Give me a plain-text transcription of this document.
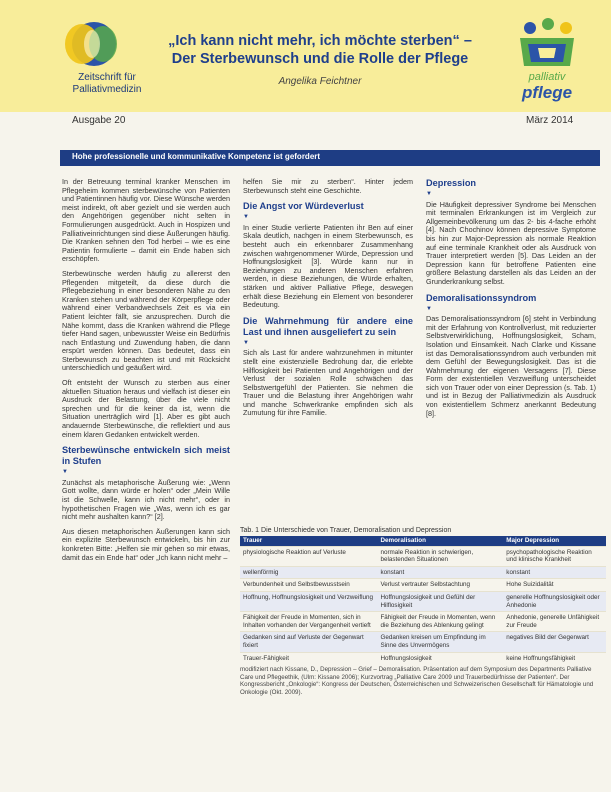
Zeitschrift für
Palliativmedizin
„Ich kann nicht mehr, ich möchte sterben“ –
Der Sterbewunsch und die Rolle der Pflege
Angelika Feichtner	palliativ
pflege
Ausgabe 20	März 2014
Hohe professionelle und kommunikative Kompetenz ist gefordert

In der Betreuung terminal kranker Menschen im Pflegeheim kommen sterbewünsche von Patienten und Patientinnen häufig vor. Diese Wünsche werden meist indirekt, oft aber gezielt und sie werden auch den Angehörigen gegenüber nicht selten in Formulierungen ausgedrückt. Auch in Hospizen und Palliativeinrichtungen sind diese Äußerungen häufig. Die Kranken sehnen den Tod herbei – wie es eine Patientin formulierte – damit ein Ende haben sich erschöpfen.

Sterbewünsche werden häufig zu allererst den Pflegenden mitgeteilt, da diese durch die Pflegebeziehung in einer besonderen Nähe zu den Kranken stehen und während der Körperpflege oder während einer Verbandwechsels Zeit es via ein Patient leichter fällt, sie anzusprechen. Durch die Nähe kommt, dass die Kranken während die Pflege tiefer Hand sagen, unbewusster Weise ein Bedürfnis nach Entlastung und Zuwendung haben, die dann erspürt werden können. Das bedeutet, dass ein Sterbewunsch zu beachten ist und mit Rücksicht unterschiedlich und geäußert wird.

Oft entsteht der Wunsch zu sterben aus einer aktuellen Situation heraus und vielfach ist dieser ein Ausdruck der Belastung, über die viele nicht sprechen und für die keiner da ist, wenn die Situation unerträglich wird [1]. Aber es gibt auch andauernde Sterbewünsche, die reflektiert und aus einem klaren Gedanken entwickelt werden.

Sterbewünsche entwickeln sich meist in Stufen
▼

Zunächst als metaphorische Äußerung wie: „Wenn Gott wollte, dann würde er holen“ oder „Mein Wille ist die Schwelle, kann ich nicht mehr“, oder in hypothetischen Fragen wie „Was, wenn ich es gar nicht mehr aushalten kann?“ [2].

Aus diesen metaphorischen Äußerungen kann sich ein explizite Sterbewunsch entwickeln, bis hin zur konkreten Bitte: „Helfen sie mir gehen so mir etwas, damit das ein Ende hat“ oder „Ich kann nicht mehr –

helfen Sie mir zu sterben“. Hinter jedem Sterbewunsch steht eine Geschichte.

Die Angst vor Würdeverlust
▼

In einer Studie verlierte Patienten ihr Ben auf einer Skala deutlich, nachgen in einem Sterbewunsch, es besteht auch ein erkennbarer Zusammenhang zwischen wahrgenommener Würde, Depression und Hoffnungslosigkeit [3]. Würde kann nur in Beziehungen zu anderen Menschen erfahren werden, in diese Beziehungen, die Würde erhalten, stärken und aktiver Palliative Pflege, deswegen erhält diese Beziehung ein Element von besonderer Bedeutung.

Die Wahrnehmung für andere eine Last und ihnen ausgeliefert zu sein
▼

Sich als Last für andere wahrzunehmen in mitunter stellt eine existenzielle Bedrohung dar, die erlebte Hilflosigkeit bei Patienten und Angehörigen und der Verlust der sozialen Rolle schwächen das Selbstwertgefühl der Patienten. Sie nehmen die Trauer und die Belastung ihrer Angehörigen wahr und manche Schwerkranke empfinden sich als Zumutung für ihre Familie.

Depression
▼

Die Häufigkeit depressiver Syndrome bei Menschen mit terminalen Erkrankungen ist im Vergleich zur Allgemeinbevölkerung um das 2- bis 4-fache erhöht [4]. Nach Chochinov können depressive Symptome bis hin zur Major-Depression als normale Reaktion auf eine terminale Krankheit oder als Ausdruck von Trauer interpretiert werden [5]. Das Leiden an der Depression kann für betroffene Patienten eine größere Belastung darstellen als das Leiden an der Grunderkrankung selbst.

Demoralisationssyndrom
▼

Das Demoralisationssyndrom [6] steht in Verbindung mit der Erfahrung von Kontrollverlust, mit reduzierter Selbstverwirklichung, Hoffnungslosigkeit, Scham, Isolation und Einsamkeit. Nach Clarke und Kissane ist das Demoralisationssyndrom auch verbunden mit dem Gefühl der Bewegungslosigkeit. Das ist die Wahrnehmung der eigenen Versagens [7]. Diese Form der existentiellen Verzweiflung unterscheidet sich von Trauer oder von einer Depression (s. Tab. 1) und ist in Bezug der Palliativmedizin als Ausdruck von existentiellem Schmerz anerkannt Bedeutung [8].

Tab. 1 Die Unterschiede von Trauer, Demoralisation und Depression
Trauer	Demoralisation	Major Depression
physiologische Reaktion auf Verluste	normale Reaktion in schwierigen, belastenden Situationen	psychopathologische Reaktion und klinische Krankheit
wellenförmig	konstant	konstant
Verbundenheit und Selbstbewusstsein	Verlust vertrauter Selbstachtung	Hohe Suizidalität
Hoffnung, Hoffnungslosigkeit und Verzweiflung	Hoffnungslosigkeit und Gefühl der Hilflosigkeit	generelle Hoffnungslosigkeit oder Anhedonie
Fähigkeit der Freude in Momenten, sich in Inhalten vorhanden der Vergangenheit vertieft	Fähigkeit der Freude in Momenten, wenn die Beziehung des Ablenkung gelingt	Anhedonie, generelle Unfähigkeit zur Freude
Gedanken sind auf Verluste der Gegenwart fixiert	Gedanken kreisen um Empfindung im Sinne des Unvermögens	negatives Bild der Gegenwart
Trauer-Fähigkeit	Hoffnungslosigkeit	keine Hoffnungsfähigkeit
modifiziert nach Kissane, D., Depression – Grief – Demoralisation. Präsentation auf dem Symposium des Departments Palliative Care und Pflegeethik, (Ulm: Kissane 2006); Kurzvortrag „Palliative Care 2009 und Trauerbedürfnisse der Patienten“. Der Kongressbericht „Onkologie“: Kongress der Deutschen, Österreichischen und Schweizerischen Gesellschaft für Hämatologie und Onkologie (Okt. 2009).
